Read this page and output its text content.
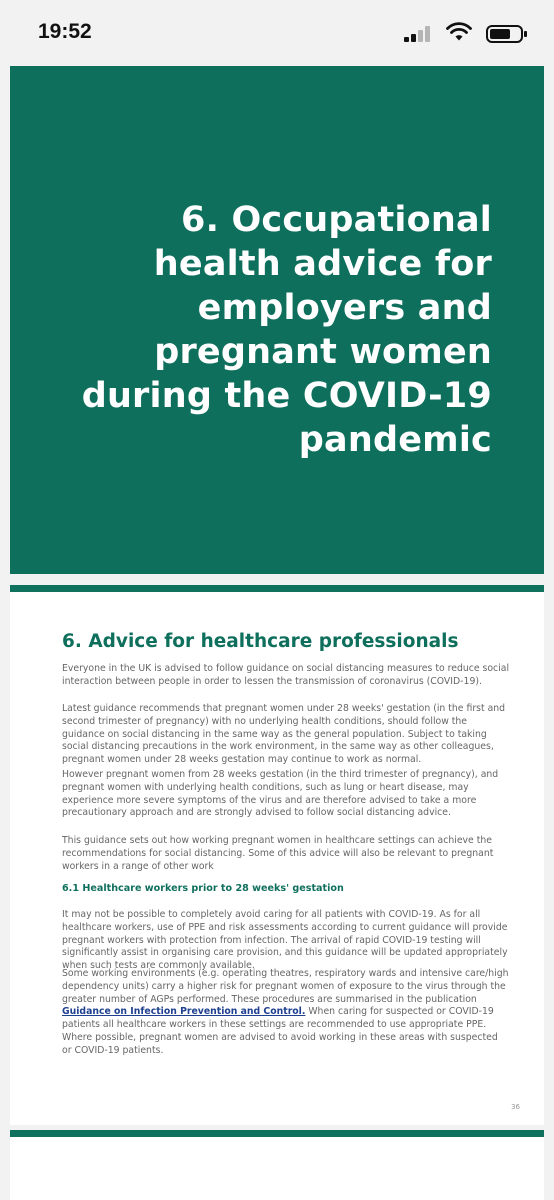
19:52
6. Occupational health advice for employers and pregnant women during the COVID-19 pandemic
6. Advice for healthcare professionals
Everyone in the UK is advised to follow guidance on social distancing measures to reduce social interaction between people in order to lessen the transmission of coronavirus (COVID-19).
Latest guidance recommends that pregnant women under 28 weeks' gestation (in the first and second trimester of pregnancy) with no underlying health conditions, should follow the guidance on social distancing in the same way as the general population. Subject to taking social distancing precautions in the work environment, in the same way as other colleagues, pregnant women under 28 weeks gestation may continue to work as normal.
However pregnant women from 28 weeks gestation (in the third trimester of pregnancy), and pregnant women with underlying health conditions, such as lung or heart disease, may experience more severe symptoms of the virus and are therefore advised to take a more precautionary approach and are strongly advised to follow social distancing advice.
This guidance sets out how working pregnant women in healthcare settings can achieve the recommendations for social distancing. Some of this advice will also be relevant to pregnant workers in a range of other work
6.1 Healthcare workers prior to 28 weeks' gestation
It may not be possible to completely avoid caring for all patients with COVID-19. As for all healthcare workers, use of PPE and risk assessments according to current guidance will provide pregnant workers with protection from infection. The arrival of rapid COVID-19 testing will significantly assist in organising care provision, and this guidance will be updated appropriately when such tests are commonly available.
Some working environments (e.g. operating theatres, respiratory wards and intensive care/high dependency units) carry a higher risk for pregnant women of exposure to the virus through the greater number of AGPs performed. These procedures are summarised in the publication Guidance on Infection Prevention and Control. When caring for suspected or COVID-19 patients all healthcare workers in these settings are recommended to use appropriate PPE. Where possible, pregnant women are advised to avoid working in these areas with suspected or COVID-19 patients.
36
